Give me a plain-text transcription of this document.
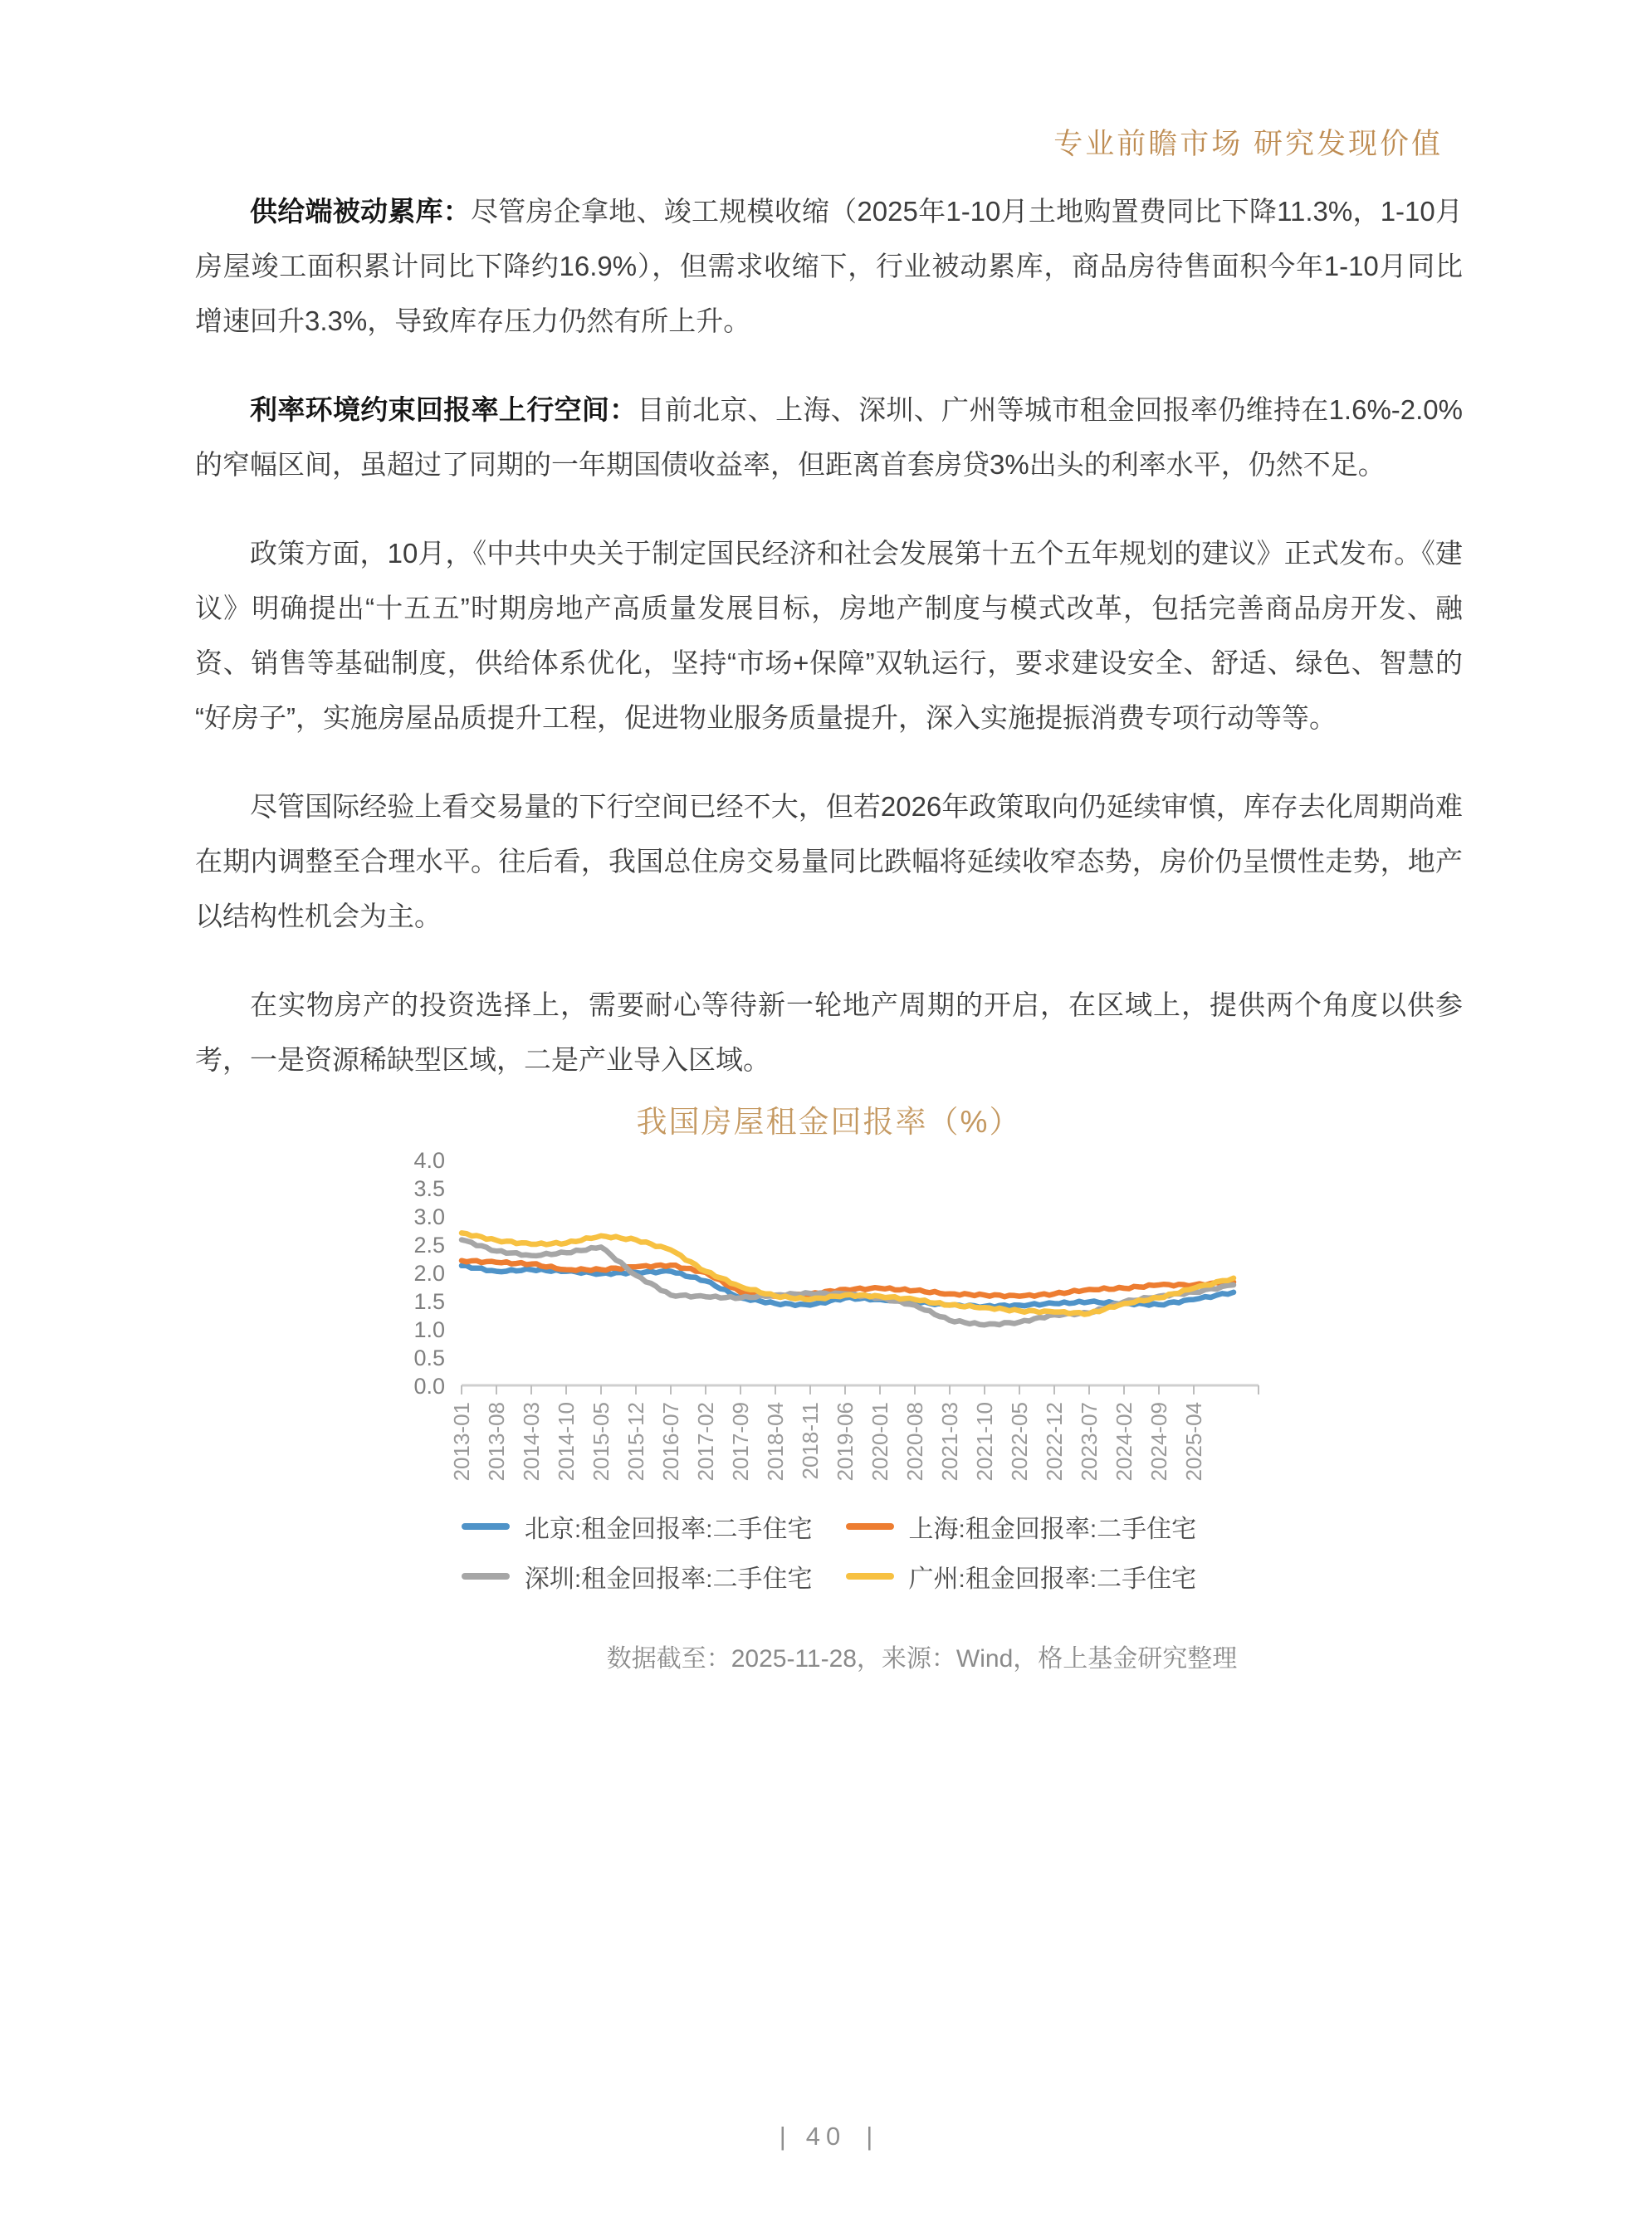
专业前瞻市场 研究发现价值

供给端被动累库：尽管房企拿地、竣工规模收缩（2025年1-10月土地购置费同比下降11.3%，1-10月房屋竣工面积累计同比下降约16.9%），但需求收缩下，行业被动累库，商品房待售面积今年1-10月同比增速回升3.3%，导致库存压力仍然有所上升。

利率环境约束回报率上行空间：目前北京、上海、深圳、广州等城市租金回报率仍维持在1.6%-2.0%的窄幅区间，虽超过了同期的一年期国债收益率，但距离首套房贷3%出头的利率水平，仍然不足。

政策方面，10月，《中共中央关于制定国民经济和社会发展第十五个五年规划的建议》正式发布。《建议》明确提出“十五五”时期房地产高质量发展目标，房地产制度与模式改革，包括完善商品房开发、融资、销售等基础制度，供给体系优化，坚持“市场+保障”双轨运行，要求建设安全、舒适、绿色、智慧的“好房子”，实施房屋品质提升工程，促进物业服务质量提升，深入实施提振消费专项行动等等。

尽管国际经验上看交易量的下行空间已经不大，但若2026年政策取向仍延续审慎，库存去化周期尚难在期内调整至合理水平。往后看，我国总住房交易量同比跌幅将延续收窄态势，房价仍呈惯性走势，地产以结构性机会为主。

在实物房产的投资选择上，需要耐心等待新一轮地产周期的开启，在区域上，提供两个角度以供参考，一是资源稀缺型区域，二是产业导入区域。

我国房屋租金回报率（%）
0.0
0.5
1.0
1.5
2.0
2.5
3.0
3.5
4.0
2013-01 2013-08 2014-03 2014-10 2015-05 2015-12 2016-07 2017-02 2017-09 2018-04 2018-11 2019-06 2020-01 2020-08 2021-03 2021-10 2022-05 2022-12 2023-07 2024-02 2024-09 2025-04
北京:租金回报率:二手住宅	上海:租金回报率:二手住宅
深圳:租金回报率:二手住宅	广州:租金回报率:二手住宅
数据截至：2025-11-28，来源：Wind，格上基金研究整理
| 40 |
